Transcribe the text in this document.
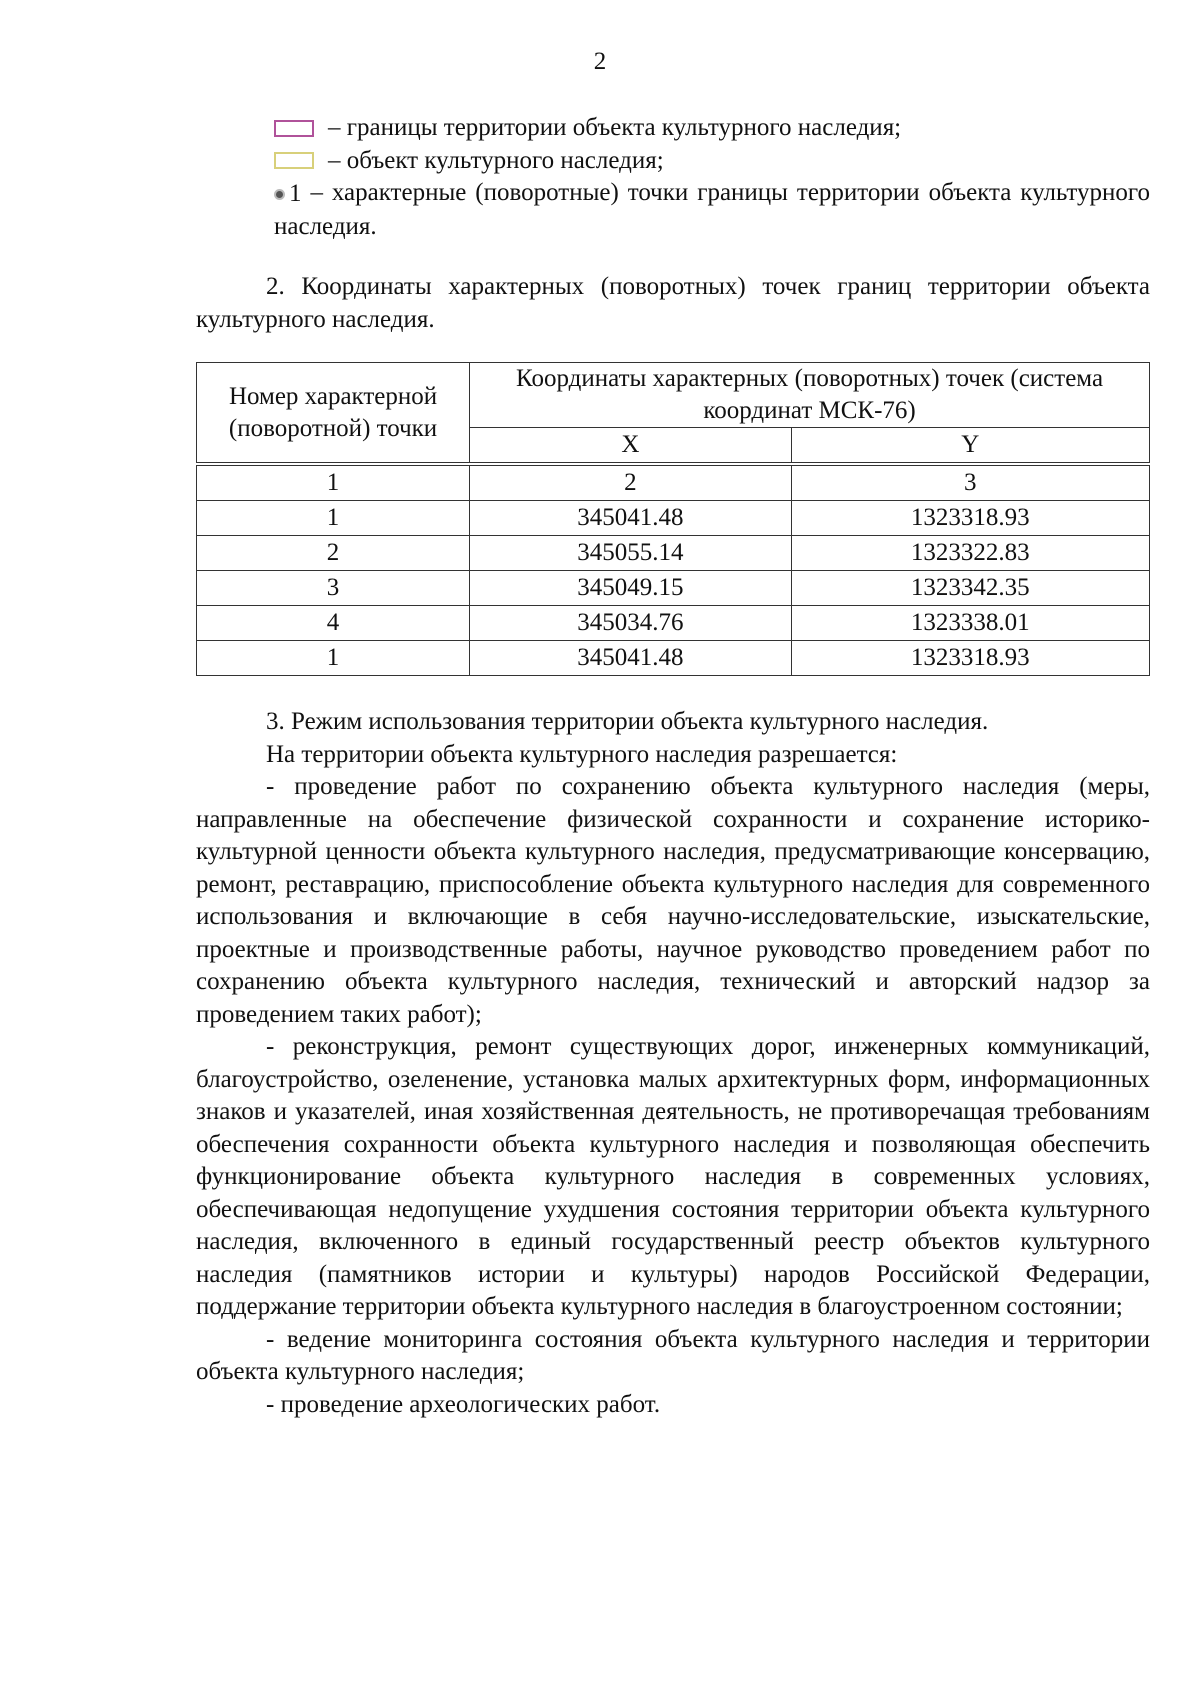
2
– границы территории объекта культурного наследия;
– объект культурного наследия;

1 – характерные (поворотные) точки границы территории объекта культурного наследия.

2. Координаты характерных (поворотных) точек границ территории объекта культурного наследия.

Номер характерной (поворотной) точки	Координаты характерных (поворотных) точек (система координат МСК-76)	
	X	Y
1	2	3
1	345041.48	1323318.93
2	345055.14	1323322.83
3	345049.15	1323342.35
4	345034.76	1323338.01
1	345041.48	1323318.93

3. Режим использования территории объекта культурного наследия.

На территории объекта культурного наследия разрешается:

- проведение работ по сохранению объекта культурного наследия (меры, направленные на обеспечение физической сохранности и сохранение историко-культурной ценности объекта культурного наследия, предусматривающие консервацию, ремонт, реставрацию, приспособление объекта культурного наследия для современного использования и включающие в себя научно-исследовательские, изыскательские, проектные и производственные работы, научное руководство проведением работ по сохранению объекта культурного наследия, технический и авторский надзор за проведением таких работ);

- реконструкция, ремонт существующих дорог, инженерных коммуникаций, благоустройство, озеленение, установка малых архитектурных форм, информационных знаков и указателей, иная хозяйственная деятельность, не противоречащая требованиям обеспечения сохранности объекта культурного наследия и позволяющая обеспечить функционирование объекта культурного наследия в современных условиях, обеспечивающая недопущение ухудшения состояния территории объекта культурного наследия, включенного в единый государственный реестр объектов культурного наследия (памятников истории и культуры) народов Российской Федерации, поддержание территории объекта культурного наследия в благоустроенном состоянии;

- ведение мониторинга состояния объекта культурного наследия и территории объекта культурного наследия;

- проведение археологических работ.
